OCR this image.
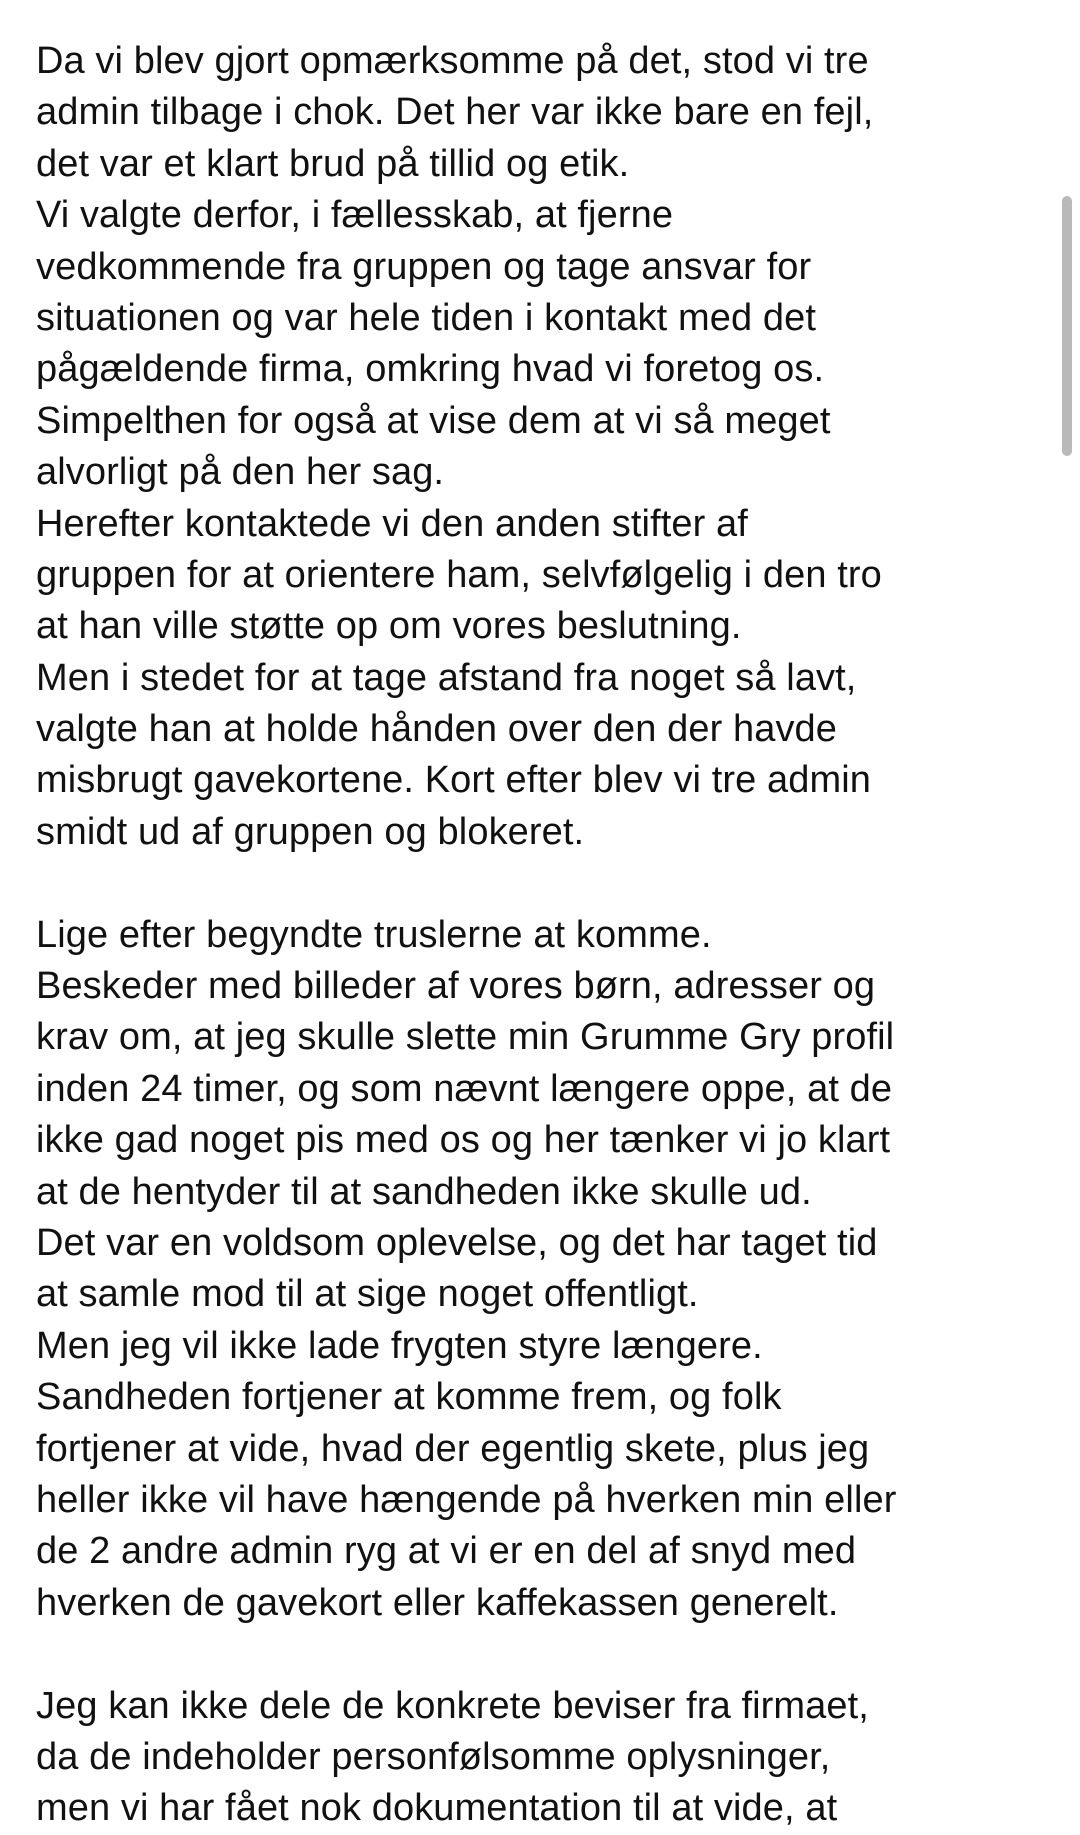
Da vi blev gjort opmærksomme på det, stod vi tre
admin tilbage i chok. Det her var ikke bare en fejl,
det var et klart brud på tillid og etik.
Vi valgte derfor, i fællesskab, at fjerne
vedkommende fra gruppen og tage ansvar for
situationen og var hele tiden i kontakt med det
pågældende firma, omkring hvad vi foretog os.
Simpelthen for også at vise dem at vi så meget
alvorligt på den her sag.
Herefter kontaktede vi den anden stifter af
gruppen for at orientere ham, selvfølgelig i den tro
at han ville støtte op om vores beslutning.
Men i stedet for at tage afstand fra noget så lavt,
valgte han at holde hånden over den der havde
misbrugt gavekortene. Kort efter blev vi tre admin
smidt ud af gruppen og blokeret.
Lige efter begyndte truslerne at komme.
Beskeder med billeder af vores børn, adresser og
krav om, at jeg skulle slette min Grumme Gry profil
inden 24 timer, og som nævnt længere oppe, at de
ikke gad noget pis med os og her tænker vi jo klart
at de hentyder til at sandheden ikke skulle ud.
Det var en voldsom oplevelse, og det har taget tid
at samle mod til at sige noget offentligt.
Men jeg vil ikke lade frygten styre længere.
Sandheden fortjener at komme frem, og folk
fortjener at vide, hvad der egentlig skete, plus jeg
heller ikke vil have hængende på hverken min eller
de 2 andre admin ryg at vi er en del af snyd med
hverken de gavekort eller kaffekassen generelt.
Jeg kan ikke dele de konkrete beviser fra firmaet,
da de indeholder personfølsomme oplysninger,
men vi har fået nok dokumentation til at vide, at
